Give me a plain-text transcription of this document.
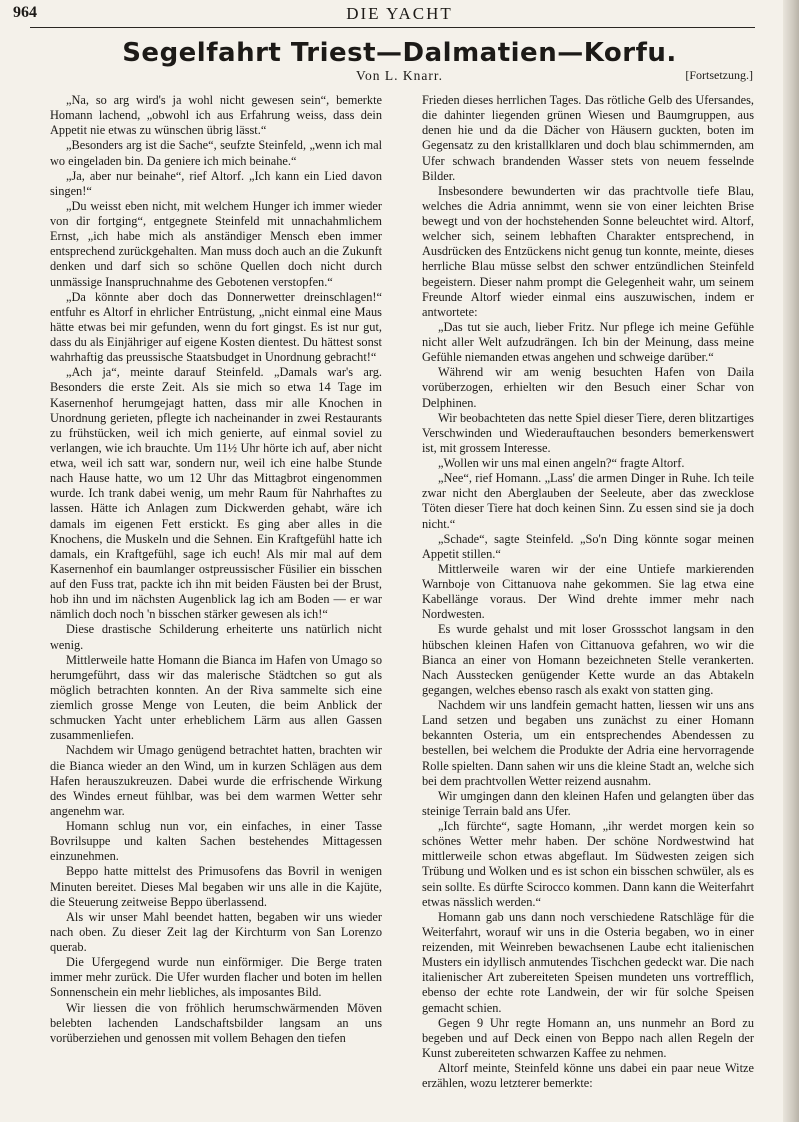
964	DIE YACHT
Segelfahrt Triest—Dalmatien—Korfu.
Von L. Knarr.	[Fortsetzung.]

„Na, so arg wird's ja wohl nicht gewesen sein“, bemerkte Homann lachend, „obwohl ich aus Erfahrung weiss, dass dein Appetit nie etwas zu wünschen übrig lässt.“

„Besonders arg ist die Sache“, seufzte Steinfeld, „wenn ich mal wo eingeladen bin. Da geniere ich mich beinahe.“

„Ja, aber nur beinahe“, rief Altorf. „Ich kann ein Lied davon singen!“

„Du weisst eben nicht, mit welchem Hunger ich immer wieder von dir fortging“, entgegnete Steinfeld mit unnachahmlichem Ernst, „ich habe mich als anständiger Mensch eben immer entsprechend zurückgehalten. Man muss doch auch an die Zukunft denken und darf sich so schöne Quellen doch nicht durch unmässige Inanspruchnahme des Gebotenen verstopfen.“

„Da könnte aber doch das Donnerwetter dreinschlagen!“ entfuhr es Altorf in ehrlicher Entrüstung, „nicht einmal eine Maus hätte etwas bei mir gefunden, wenn du fort gingst. Es ist nur gut, dass du als Einjähriger auf eigene Kosten dientest. Du hättest sonst wahrhaftig das preussische Staatsbudget in Unordnung gebracht!“

„Ach ja“, meinte darauf Steinfeld. „Damals war's arg. Besonders die erste Zeit. Als sie mich so etwa 14 Tage im Kasernenhof herumgejagt hatten, dass mir alle Knochen in Unordnung gerieten, pflegte ich nacheinander in zwei Restaurants zu frühstücken, weil ich mich genierte, auf einmal soviel zu verlangen, wie ich brauchte. Um 11½ Uhr hörte ich auf, aber nicht etwa, weil ich satt war, sondern nur, weil ich eine halbe Stunde nach Hause hatte, wo um 12 Uhr das Mittagbrot eingenommen wurde. Ich trank dabei wenig, um mehr Raum für Nahrhaftes zu lassen. Hätte ich Anlagen zum Dickwerden gehabt, wäre ich damals im eigenen Fett erstickt. Es ging aber alles in die Knochens, die Muskeln und die Sehnen. Ein Kraftgefühl hatte ich damals, ein Kraftgefühl, sage ich euch! Als mir mal auf dem Kasernenhof ein baumlanger ostpreussischer Füsilier ein bisschen auf den Fuss trat, packte ich ihn mit beiden Fäusten bei der Brust, hob ihn und im nächsten Augenblick lag ich am Boden — er war nämlich doch noch 'n bisschen stärker gewesen als ich!“

Diese drastische Schilderung erheiterte uns natürlich nicht wenig.

Mittlerweile hatte Homann die Bianca im Hafen von Umago so herumgeführt, dass wir das malerische Städtchen so gut als möglich betrachten konnten. An der Riva sammelte sich eine ziemlich grosse Menge von Leuten, die beim Anblick der schmucken Yacht unter erheblichem Lärm aus allen Gassen zusammenliefen.

Nachdem wir Umago genügend betrachtet hatten, brachten wir die Bianca wieder an den Wind, um in kurzen Schlägen aus dem Hafen herauszukreuzen. Dabei wurde die erfrischende Wirkung des Windes erneut fühlbar, was bei dem warmen Wetter sehr angenehm war.

Homann schlug nun vor, ein einfaches, in einer Tasse Bovrilsuppe und kalten Sachen bestehendes Mittagessen einzunehmen.

Beppo hatte mittelst des Primusofens das Bovril in wenigen Minuten bereitet. Dieses Mal begaben wir uns alle in die Kajüte, die Steuerung zeitweise Beppo überlassend.

Als wir unser Mahl beendet hatten, begaben wir uns wieder nach oben. Zu dieser Zeit lag der Kirchturm von San Lorenzo querab.

Die Ufergegend wurde nun einförmiger. Die Berge traten immer mehr zurück. Die Ufer wurden flacher und boten im hellen Sonnenschein ein mehr liebliches, als imposantes Bild.

Wir liessen die von fröhlich herumschwärmenden Möven belebten lachenden Landschaftsbilder langsam an uns vorüberziehen und genossen mit vollem Behagen den tiefen

Frieden dieses herrlichen Tages. Das rötliche Gelb des Ufersandes, die dahinter liegenden grünen Wiesen und Baumgruppen, aus denen hie und da die Dächer von Häusern guckten, boten im Gegensatz zu den kristallklaren und doch blau schimmernden, am Ufer schwach brandenden Wasser stets von neuem fesselnde Bilder.

Insbesondere bewunderten wir das prachtvolle tiefe Blau, welches die Adria annimmt, wenn sie von einer leichten Brise bewegt und von der hochstehenden Sonne beleuchtet wird. Altorf, welcher sich, seinem lebhaften Charakter entsprechend, in Ausdrücken des Entzückens nicht genug tun konnte, meinte, dieses herrliche Blau müsse selbst den schwer entzündlichen Steinfeld begeistern. Dieser nahm prompt die Gelegenheit wahr, um seinem Freunde Altorf wieder einmal eins auszuwischen, indem er antwortete:

„Das tut sie auch, lieber Fritz. Nur pflege ich meine Gefühle nicht aller Welt aufzudrängen. Ich bin der Meinung, dass meine Gefühle niemanden etwas angehen und schweige darüber.“

Während wir am wenig besuchten Hafen von Daila vorüberzogen, erhielten wir den Besuch einer Schar von Delphinen.

Wir beobachteten das nette Spiel dieser Tiere, deren blitzartiges Verschwinden und Wiederauftauchen besonders bemerkenswert ist, mit grossem Interesse.

„Wollen wir uns mal einen angeln?“ fragte Altorf.

„Nee“, rief Homann. „Lass' die armen Dinger in Ruhe. Ich teile zwar nicht den Aberglauben der Seeleute, aber das zwecklose Töten dieser Tiere hat doch keinen Sinn. Zu essen sind sie ja doch nicht.“

„Schade“, sagte Steinfeld. „So'n Ding könnte sogar meinen Appetit stillen.“

Mittlerweile waren wir der eine Untiefe markierenden Warnboje von Cittanuova nahe gekommen. Sie lag etwa eine Kabellänge voraus. Der Wind drehte immer mehr nach Nordwesten.

Es wurde gehalst und mit loser Grossschot langsam in den hübschen kleinen Hafen von Cittanuova gefahren, wo wir die Bianca an einer von Homann bezeichneten Stelle verankerten. Nach Ausstecken genügender Kette wurde an das Abtakeln gegangen, welches ebenso rasch als exakt von statten ging.

Nachdem wir uns landfein gemacht hatten, liessen wir uns ans Land setzen und begaben uns zunächst zu einer Homann bekannten Osteria, um ein entsprechendes Abendessen zu bestellen, bei welchem die Produkte der Adria eine hervorragende Rolle spielten. Dann sahen wir uns die kleine Stadt an, welche sich bei dem prachtvollen Wetter reizend ausnahm.

Wir umgingen dann den kleinen Hafen und gelangten über das steinige Terrain bald ans Ufer.

„Ich fürchte“, sagte Homann, „ihr werdet morgen kein so schönes Wetter mehr haben. Der schöne Nordwestwind hat mittlerweile schon etwas abgeflaut. Im Südwesten zeigen sich Trübung und Wolken und es ist schon ein bisschen schwüler, als es sein sollte. Es dürfte Scirocco kommen. Dann kann die Weiterfahrt etwas nässlich werden.“

Homann gab uns dann noch verschiedene Ratschläge für die Weiterfahrt, worauf wir uns in die Osteria begaben, wo in einer reizenden, mit Weinreben bewachsenen Laube echt italienischen Musters ein idyllisch anmutendes Tischchen gedeckt war. Die nach italienischer Art zubereiteten Speisen mundeten uns vortrefflich, ebenso der echte rote Landwein, der wir für solche Speisen gemacht schien.

Gegen 9 Uhr regte Homann an, uns nunmehr an Bord zu begeben und auf Deck einen von Beppo nach allen Regeln der Kunst zubereiteten schwarzen Kaffee zu nehmen.

Altorf meinte, Steinfeld könne uns dabei ein paar neue Witze erzählen, wozu letzterer bemerkte:
